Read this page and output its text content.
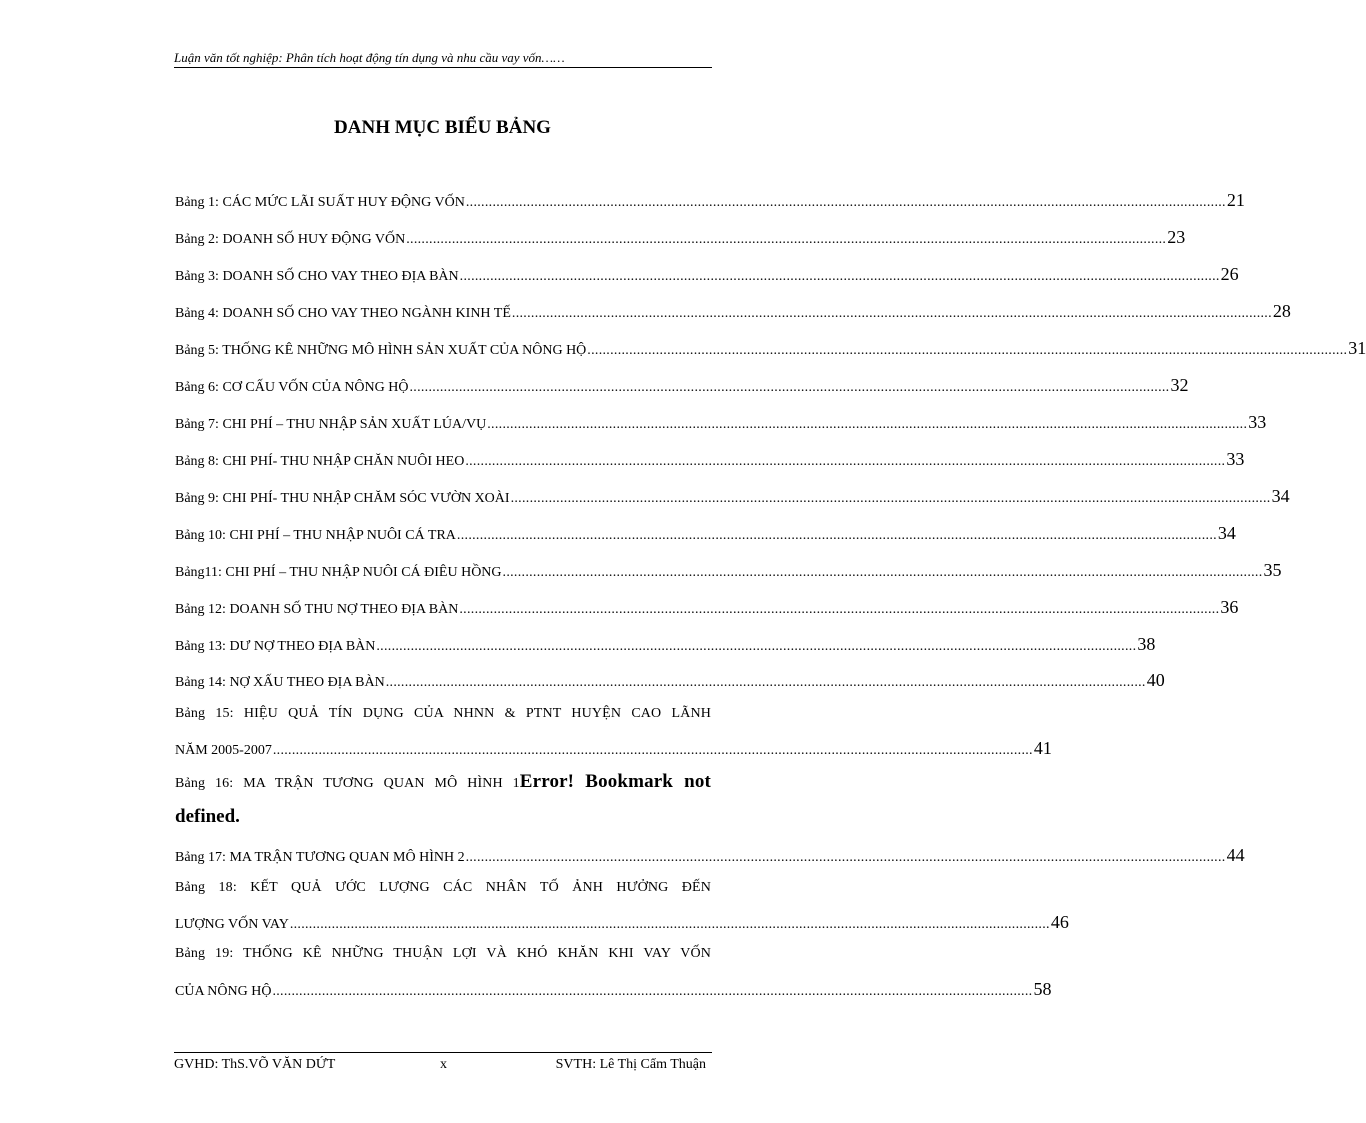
Luận văn tốt nghiệp: Phân tích hoạt động tín dụng và nhu cầu vay vốn……
DANH MỤC BIỂU BẢNG
Bảng 1: CÁC MỨC LÃI SUẤT HUY ĐỘNG VỐN ........................................................................................................................................................................................................ 21
Bảng 2: DOANH SỐ HUY ĐỘNG VỐN ........................................................................................................................................................................................................ 23
Bảng 3: DOANH SỐ CHO VAY THEO ĐỊA BÀN ........................................................................................................................................................................................................ 26
Bảng 4: DOANH SỐ CHO VAY THEO NGÀNH KINH TẾ ........................................................................................................................................................................................................ 28
Bảng 5: THỐNG KÊ NHỮNG MÔ HÌNH SẢN XUẤT CỦA NÔNG HỘ ........................................................................................................................................................................................................ 31
Bảng 6: CƠ CẤU VỐN CỦA NÔNG HỘ ........................................................................................................................................................................................................ 32
Bảng 7: CHI PHÍ – THU NHẬP SẢN XUẤT LÚA/VỤ ........................................................................................................................................................................................................ 33
Bảng 8: CHI PHÍ- THU NHẬP CHĂN NUÔI HEO ........................................................................................................................................................................................................ 33
Bảng 9: CHI PHÍ- THU NHẬP CHĂM SÓC VƯỜN XOÀI ........................................................................................................................................................................................................ 34
Bảng 10: CHI PHÍ – THU NHẬP NUÔI CÁ TRA ........................................................................................................................................................................................................ 34
Bảng11: CHI PHÍ – THU NHẬP NUÔI CÁ ĐIÊU HỒNG ........................................................................................................................................................................................................ 35
Bảng 12: DOANH SỐ THU NỢ THEO ĐỊA BÀN ........................................................................................................................................................................................................ 36
Bảng 13: DƯ NỢ THEO ĐỊA BÀN ........................................................................................................................................................................................................ 38
Bảng 14: NỢ XẤU THEO ĐỊA BÀN ........................................................................................................................................................................................................ 40
Bảng 15: HIỆU QUẢ TÍN DỤNG CỦA NHNN & PTNT HUYỆN CAO LÃNH
NĂM 2005-2007 ........................................................................................................................................................................................................ 41
Bảng 16: MA TRẬN TƯƠNG QUAN MÔ HÌNH 1Error! Bookmark not
defined.
Bảng 17: MA TRẬN TƯƠNG QUAN MÔ HÌNH 2 ........................................................................................................................................................................................................ 44
Bảng 18: KẾT QUẢ ƯỚC LƯỢNG CÁC NHÂN TỐ ẢNH HƯỞNG ĐẾN
LƯỢNG VỐN VAY ........................................................................................................................................................................................................ 46
Bảng 19: THỐNG KÊ NHỮNG THUẬN LỢI VÀ KHÓ KHĂN KHI VAY VỐN
CỦA NÔNG HỘ ........................................................................................................................................................................................................ 58
GVHD: ThS.VÕ VĂN DỨT	x	SVTH: Lê Thị Cẩm Thuận
